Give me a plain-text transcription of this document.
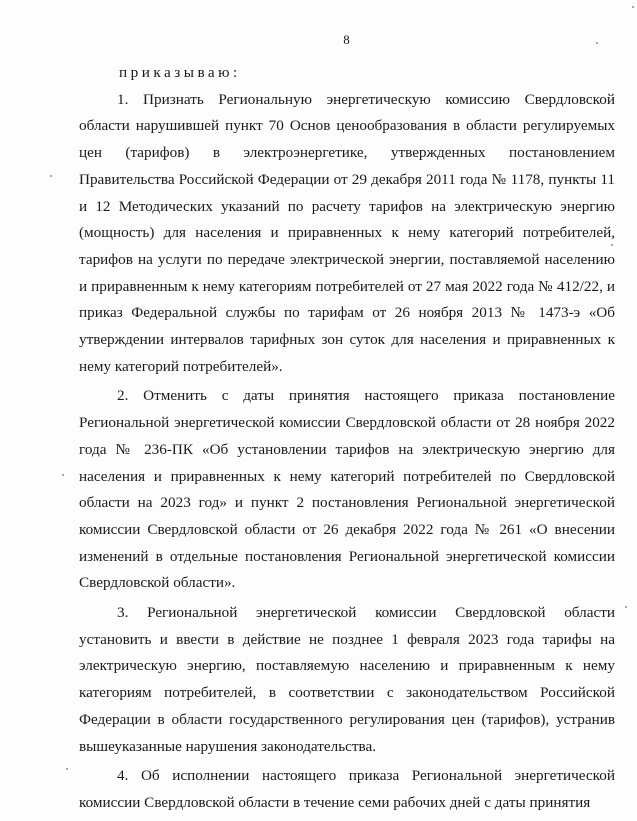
8

приказываю:

1. Признать Региональную энергетическую комиссию Свердловской области нарушившей пункт 70 Основ ценообразования в области регулируемых цен (тарифов) в электроэнергетике, утвержденных постановлением Правительства Российской Федерации от 29 декабря 2011 года № 1178, пункты 11 и 12 Методических указаний по расчету тарифов на электрическую энергию (мощность) для населения и приравненных к нему категорий потребителей, тарифов на услуги по передаче электрической энергии, поставляемой населению и приравненным к нему категориям потребителей от 27 мая 2022 года № 412/22, и приказ Федеральной службы по тарифам от 26 ноября 2013 № 1473-э «Об утверждении интервалов тарифных зон суток для населения и приравненных к нему категорий потребителей».

2. Отменить с даты принятия настоящего приказа постановление Региональной энергетической комиссии Свердловской области от 28 ноября 2022 года № 236-ПК «Об установлении тарифов на электрическую энергию для населения и приравненных к нему категорий потребителей по Свердловской области на 2023 год» и пункт 2 постановления Региональной энергетической комиссии Свердловской области от 26 декабря 2022 года № 261 «О внесении изменений в отдельные постановления Региональной энергетической комиссии Свердловской области».

3. Региональной энергетической комиссии Свердловской области установить и ввести в действие не позднее 1 февраля 2023 года тарифы на электрическую энергию, поставляемую населению и приравненным к нему категориям потребителей, в соответствии с законодательством Российской Федерации в области государственного регулирования цен (тарифов), устранив вышеуказанные нарушения законодательства.

4. Об исполнении настоящего приказа Региональной энергетической комиссии Свердловской области в течение семи рабочих дней с даты принятия
